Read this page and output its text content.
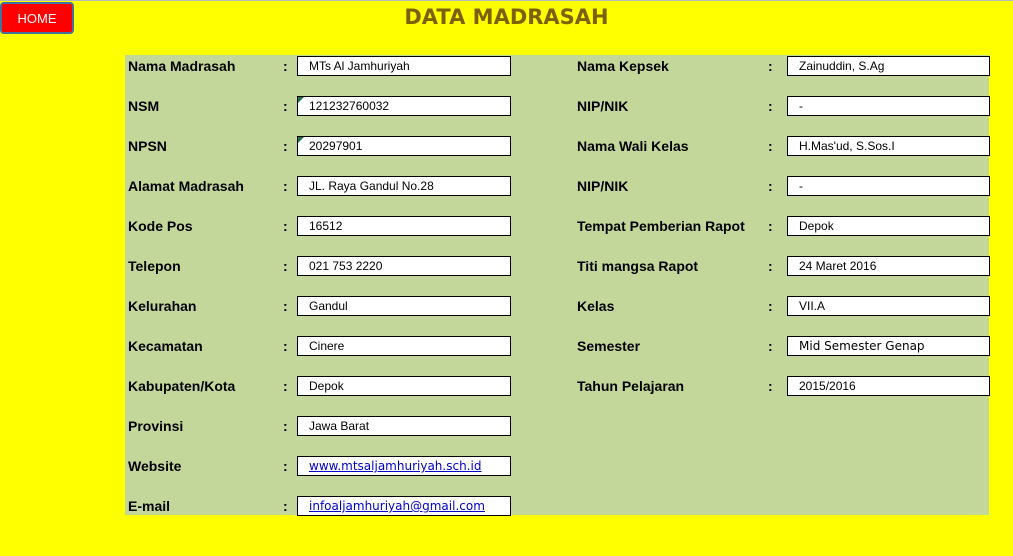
HOME	DATA MADRASAH
Nama Madrasah	:	MTs Al Jamhuriyah
NSM	:	121232760032
NPSN	:	20297901
Alamat Madrasah	:	JL. Raya Gandul No.28
Kode Pos	:	16512
Telepon	:	021 753 2220
Kelurahan	:	Gandul
Kecamatan	:	Cinere
Kabupaten/Kota	:	Depok
Provinsi	:	Jawa Barat
Website	:	www.mtsaljamhuriyah.sch.id
E-mail	:	infoaljamhuriyah@gmail.com
Nama Kepsek	:	Zainuddin, S.Ag
NIP/NIK	:	-
Nama Wali Kelas	:	H.Mas'ud, S.Sos.I
NIP/NIK	:	-
Tempat Pemberian Rapot :	Depok
Titi mangsa Rapot	:	24 Maret 2016
Kelas	:	VII.A
Semester	:	Mid Semester Genap
Tahun Pelajaran	:	2015/2016
